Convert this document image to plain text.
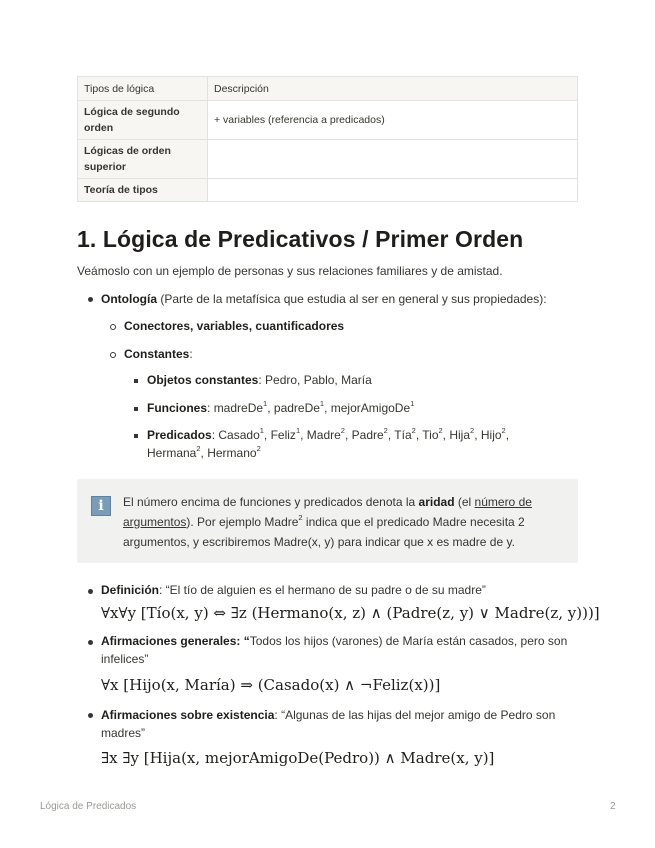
Tipos de lógica	Descripción
Lógica de segundo orden	+ variables (referencia a predicados)
Lógicas de orden superior	
Teoría de tipos	
1. Lógica de Predicativos / Primer Orden

Veámoslo con un ejemplo de personas y sus relaciones familiares y de amistad.

Ontología (Parte de la metafísica que estudia al ser en general y sus propiedades):

Conectores, variables, cuantificadores

Constantes:

Objetos constantes: Pedro, Pablo, María

Funciones: madreDe$^1$, padreDe$^1$, mejorAmigoDe$^1$

Predicados: Casado$^1$, Feliz$^1$, Madre$^2$, Padre$^2$, Tía$^2$, Tio$^2$, Hija$^2$, Hijo$^2$, Hermana$^2$, Hermano$^2$

i	El número encima de funciones y predicados denota la aridad (el número de argumentos). Por ejemplo Madre$^2$ indica que el predicado Madre necesita 2 argumentos, y escribiremos Madre(x, y) para indicar que x es madre de y.

Definición: “El tío de alguien es el hermano de su padre o de su madre”

∀x∀y [Tío(x, y) ⇔ ∃z (Hermano(x, z) ∧ (Padre(z, y) ∨ Madre(z, y)))]

Afirmaciones generales: “Todos los hijos (varones) de María están casados, pero son infelices”

∀x [Hijo(x, María) ⇒ (Casado(x) ∧ ¬Feliz(x))]

Afirmaciones sobre existencia: “Algunas de las hijas del mejor amigo de Pedro son madres”

∃x ∃y [Hija(x, mejorAmigoDe(Pedro)) ∧ Madre(x, y)]
Lógica de Predicados	2
